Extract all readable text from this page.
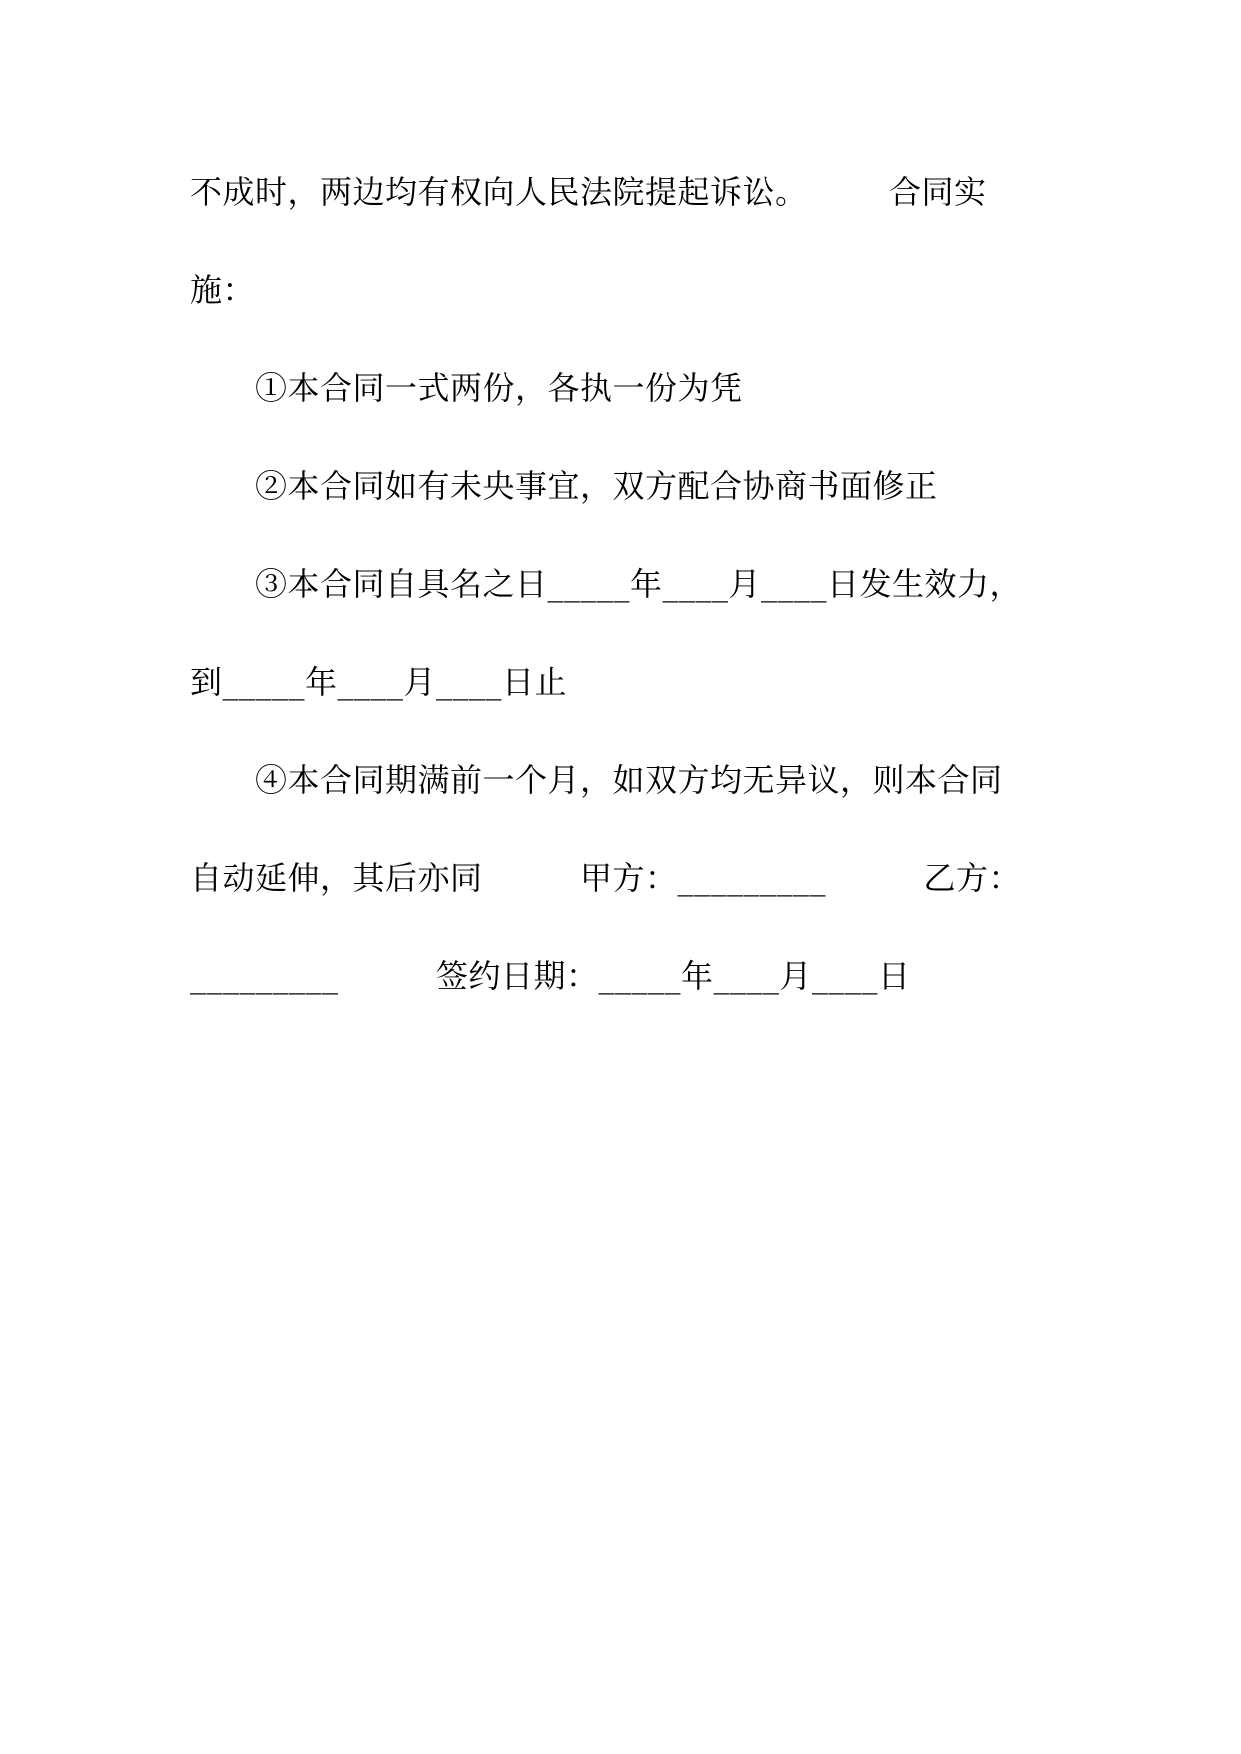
不成时，两边均有权向人民法院提起诉讼。　　　合同实
施：
①本合同一式两份，各执一份为凭
②本合同如有未央事宜，双方配合协商书面修正
③本合同自具名之日_____年____月____日发生效力，
到_____年____月____日止
④本合同期满前一个月，如双方均无异议，则本合同
自动延伸，其后亦同　　　甲方：_________　　　乙方：
_________　　　签约日期：_____年____月____日
